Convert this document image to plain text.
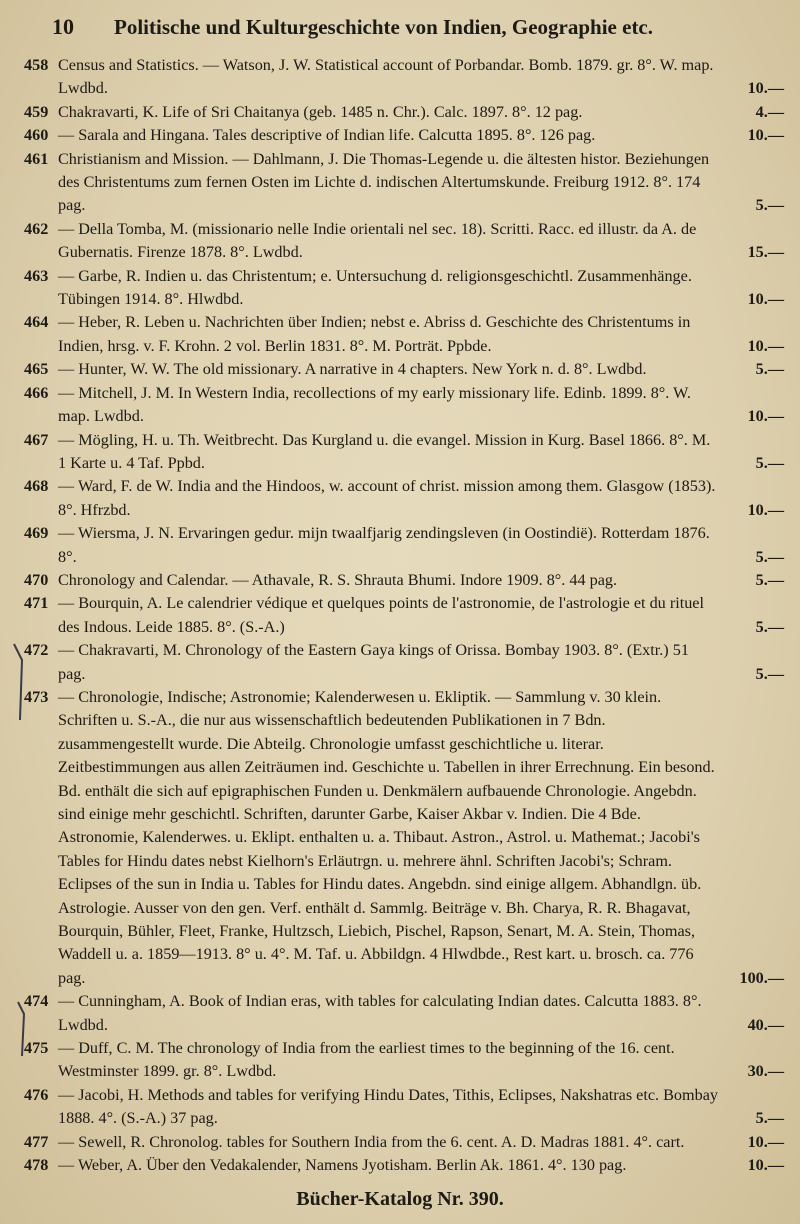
10 Politische und Kulturgeschichte von Indien, Geographie etc.
458 Census and Statistics. — Watson, J. W. Statistical account of Porbandar. Bomb. 1879. gr. 8°. W. map. Lwdbd.	10.—
459 Chakravarti, K. Life of Sri Chaitanya (geb. 1485 n. Chr.). Calc. 1897. 8°. 12 pag.	4.—
460 — Sarala and Hingana. Tales descriptive of Indian life. Calcutta 1895. 8°. 126 pag.	10.—
461 Christianism and Mission. — Dahlmann, J. Die Thomas-Legende u. die ältesten histor. Beziehungen des Christentums zum fernen Osten im Lichte d. indischen Altertumskunde. Freiburg 1912. 8°. 174 pag.	5.—
462 — Della Tomba, M. (missionario nelle Indie orientali nel sec. 18). Scritti. Racc. ed illustr. da A. de Gubernatis. Firenze 1878. 8°. Lwdbd.	15.—
463 — Garbe, R. Indien u. das Christentum; e. Untersuchung d. religionsgeschichtl. Zusammenhänge. Tübingen 1914. 8°. Hlwdbd.	10.—
464 — Heber, R. Leben u. Nachrichten über Indien; nebst e. Abriss d. Geschichte des Christentums in Indien, hrsg. v. F. Krohn. 2 vol. Berlin 1831. 8°. M. Porträt. Ppbde.	10.—
465 — Hunter, W. W. The old missionary. A narrative in 4 chapters. New York n. d. 8°. Lwdbd.	5.—
466 — Mitchell, J. M. In Western India, recollections of my early missionary life. Edinb. 1899. 8°. W. map. Lwdbd.	10.—
467 — Mögling, H. u. Th. Weitbrecht. Das Kurgland u. die evangel. Mission in Kurg. Basel 1866. 8°. M. 1 Karte u. 4 Taf. Ppbd.	5.—
468 — Ward, F. de W. India and the Hindoos, w. account of christ. mission among them. Glasgow (1853). 8°. Hfrzbd.	10.—
469 — Wiersma, J. N. Ervaringen gedur. mijn twaalfjarig zendingsleven (in Oostindië). Rotterdam 1876. 8°.	5.—
470 Chronology and Calendar. — Athavale, R. S. Shrauta Bhumi. Indore 1909. 8°. 44 pag.	5.—
471 — Bourquin, A. Le calendrier védique et quelques points de l'astronomie, de l'astrologie et du rituel des Indous. Leide 1885. 8°. (S.-A.)	5.—
472 — Chakravarti, M. Chronology of the Eastern Gaya kings of Orissa. Bombay 1903. 8°. (Extr.) 51 pag.	5.—
473 — Chronologie, Indische; Astronomie; Kalenderwesen u. Ekliptik. — Sammlung v. 30 klein. Schriften u. S.-A., die nur aus wissenschaftlich bedeutenden Publikationen in 7 Bdn. zusammengestellt wurde. Die Abteilg. Chronologie umfasst geschichtliche u. literar. Zeitbestimmungen aus allen Zeiträumen ind. Geschichte u. Tabellen in ihrer Errechnung. Ein besond. Bd. enthält die sich auf epigraphischen Funden u. Denkmälern aufbauende Chronologie. Angebdn. sind einige mehr geschichtl. Schriften, darunter Garbe, Kaiser Akbar v. Indien. Die 4 Bde. Astronomie, Kalenderwes. u. Eklipt. enthalten u. a. Thibaut. Astron., Astrol. u. Mathemat.; Jacobi's Tables for Hindu dates nebst Kielhorn's Erläutrgn. u. mehrere ähnl. Schriften Jacobi's; Schram. Eclipses of the sun in India u. Tables for Hindu dates. Angebdn. sind einige allgem. Abhandlgn. üb. Astrologie. Ausser von den gen. Verf. enthält d. Sammlg. Beiträge v. Bh. Charya, R. R. Bhagavat, Bourquin, Bühler, Fleet, Franke, Hultzsch, Liebich, Pischel, Rapson, Senart, M. A. Stein, Thomas, Waddell u. a. 1859—1913. 8° u. 4°. M. Taf. u. Abbildgn. 4 Hlwdbde., Rest kart. u. brosch. ca. 776 pag.	100.—
474 — Cunningham, A. Book of Indian eras, with tables for calculating Indian dates. Calcutta 1883. 8°. Lwdbd.	40.—
475 — Duff, C. M. The chronology of India from the earliest times to the beginning of the 16. cent. Westminster 1899. gr. 8°. Lwdbd.	30.—
476 — Jacobi, H. Methods and tables for verifying Hindu Dates, Tithis, Eclipses, Nakshatras etc. Bombay 1888. 4°. (S.-A.) 37 pag.	5.—
477 — Sewell, R. Chronolog. tables for Southern India from the 6. cent. A. D. Madras 1881. 4°. cart.	10.—
478 — Weber, A. Über den Vedakalender, Namens Jyotisham. Berlin Ak. 1861. 4°. 130 pag.	10.—
Bücher-Katalog Nr. 390.
